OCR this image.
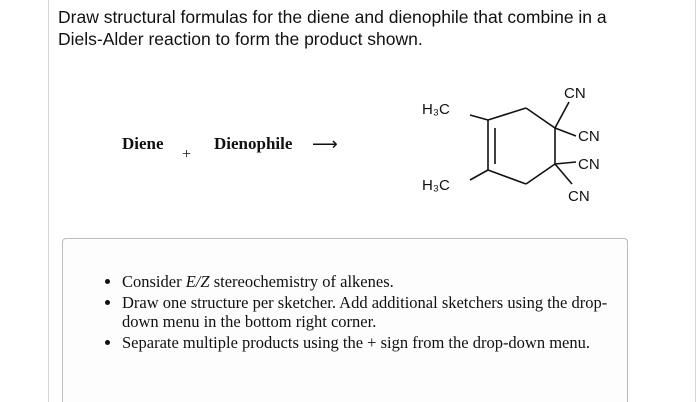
Draw structural formulas for the diene and dienophile that combine in a
Diels-Alder reaction to form the product shown.
Diene
+
Dienophile ⟶
H₃C
H₃C
CN
CN
CN
CN
• Consider E/Z stereochemistry of alkenes.
• Draw one structure per sketcher. Add additional sketchers using the drop-down menu in the bottom right corner.
• Separate multiple products using the + sign from the drop-down menu.
